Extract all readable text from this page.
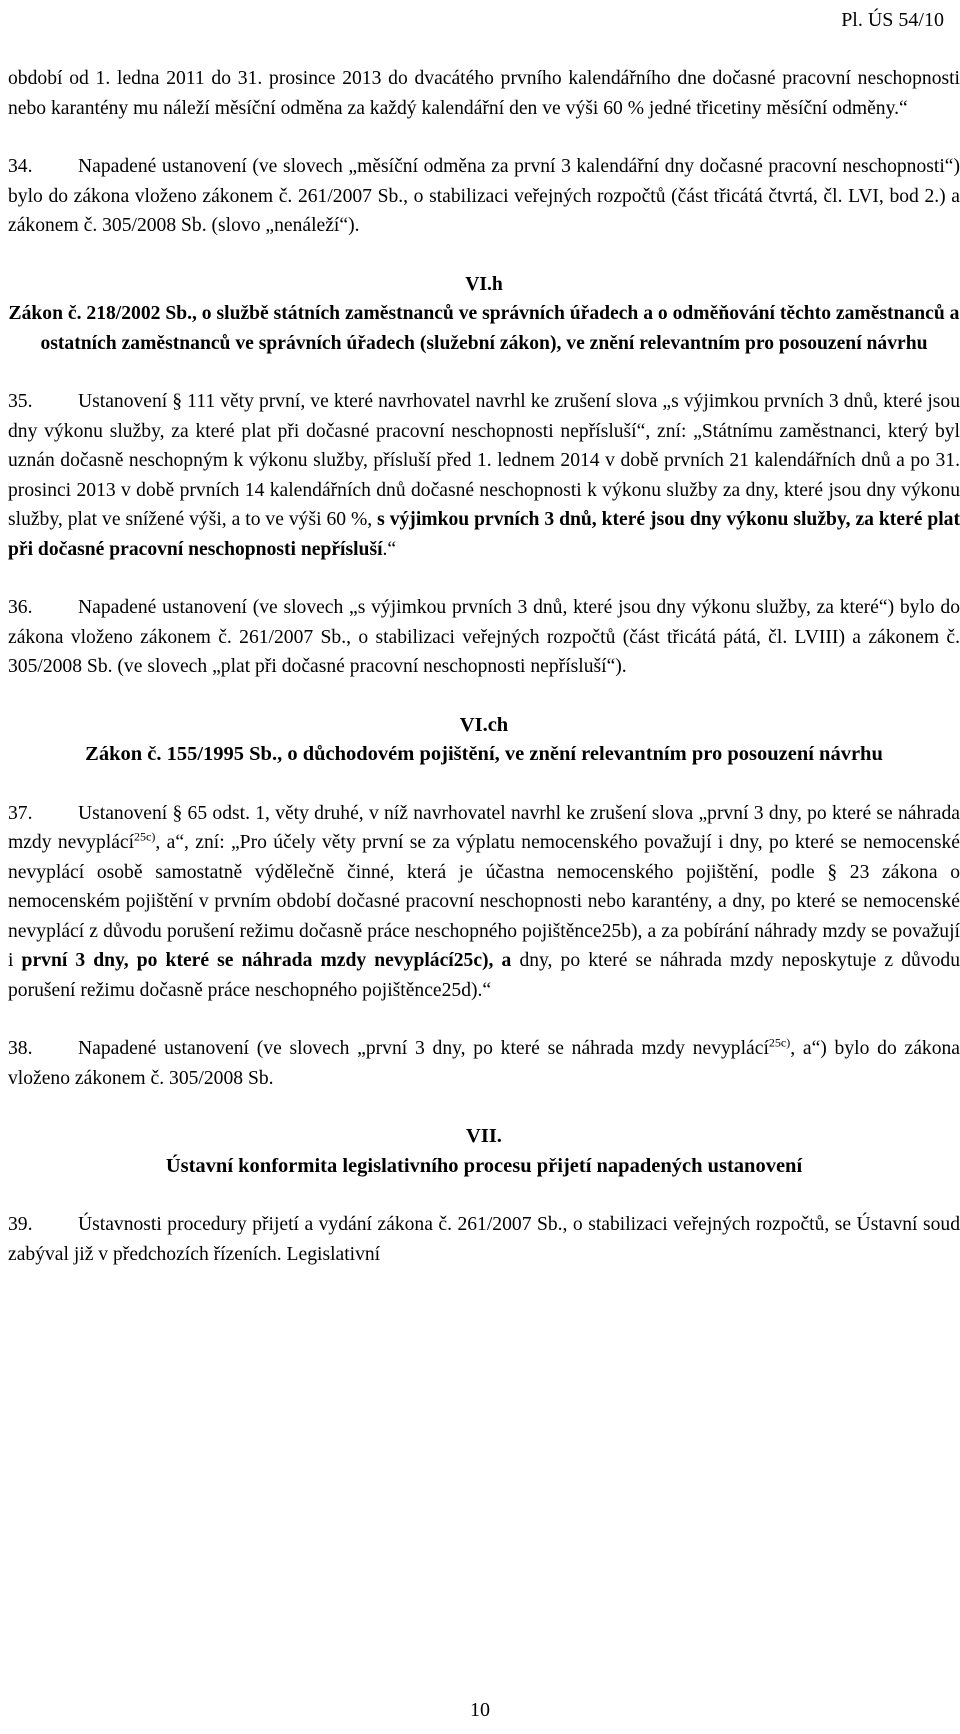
Pl. ÚS 54/10

období od 1. ledna 2011 do 31. prosince 2013 do dvacátého prvního kalendářního dne dočasné pracovní neschopnosti nebo karantény mu náleží měsíční odměna za každý kalendářní den ve výši 60 % jedné třicetiny měsíční odměny.“

34. Napadené ustanovení (ve slovech „měsíční odměna za první 3 kalendářní dny dočasné pracovní neschopnosti“) bylo do zákona vloženo zákonem č. 261/2007 Sb., o stabilizaci veřejných rozpočtů (část třicátá čtvrtá, čl. LVI, bod 2.) a zákonem č. 305/2008 Sb. (slovo „nenáleží“).

VI.h

Zákon č. 218/2002 Sb., o službě státních zaměstnanců ve správních úřadech a o odměňování těchto zaměstnanců a ostatních zaměstnanců ve správních úřadech (služební zákon), ve znění relevantním pro posouzení návrhu

35. Ustanovení § 111 věty první, ve které navrhovatel navrhl ke zrušení slova „s výjimkou prvních 3 dnů, které jsou dny výkonu služby, za které plat při dočasné pracovní neschopnosti nepřísluší“, zní: „Státnímu zaměstnanci, který byl uznán dočasně neschopným k výkonu služby, přísluší před 1. lednem 2014 v době prvních 21 kalendářních dnů a po 31. prosinci 2013 v době prvních 14 kalendářních dnů dočasné neschopnosti k výkonu služby za dny, které jsou dny výkonu služby, plat ve snížené výši, a to ve výši 60 %, s výjimkou prvních 3 dnů, které jsou dny výkonu služby, za které plat při dočasné pracovní neschopnosti nepřísluší.“

36. Napadené ustanovení (ve slovech „s výjimkou prvních 3 dnů, které jsou dny výkonu služby, za které“) bylo do zákona vloženo zákonem č. 261/2007 Sb., o stabilizaci veřejných rozpočtů (část třicátá pátá, čl. LVIII) a zákonem č. 305/2008 Sb. (ve slovech „plat při dočasné pracovní neschopnosti nepřísluší“).

VI.ch

Zákon č. 155/1995 Sb., o důchodovém pojištění, ve znění relevantním pro posouzení návrhu

37. Ustanovení § 65 odst. 1, věty druhé, v níž navrhovatel navrhl ke zrušení slova „první 3 dny, po které se náhrada mzdy nevyplácí$^{25c)}$, a“, zní: „Pro účely věty první se za výplatu nemocenského považují i dny, po které se nemocenské nevyplácí osobě samostatně výdělečně činné, která je účastna nemocenského pojištění, podle § 23 zákona o nemocenském pojištění v prvním období dočasné pracovní neschopnosti nebo karantény, a dny, po které se nemocenské nevyplácí z důvodu porušení režimu dočasně práce neschopného pojištěnce25b), a za pobírání náhrady mzdy se považují i první 3 dny, po které se náhrada mzdy nevyplácí25c), a dny, po které se náhrada mzdy neposkytuje z důvodu porušení režimu dočasně práce neschopného pojištěnce25d).“

38. Napadené ustanovení (ve slovech „první 3 dny, po které se náhrada mzdy nevyplácí$^{25c)}$, a“) bylo do zákona vloženo zákonem č. 305/2008 Sb.

VII.

Ústavní konformita legislativního procesu přijetí napadených ustanovení

39. Ústavnosti procedury přijetí a vydání zákona č. 261/2007 Sb., o stabilizaci veřejných rozpočtů, se Ústavní soud zabýval již v předchozích řízeních. Legislativní

10
